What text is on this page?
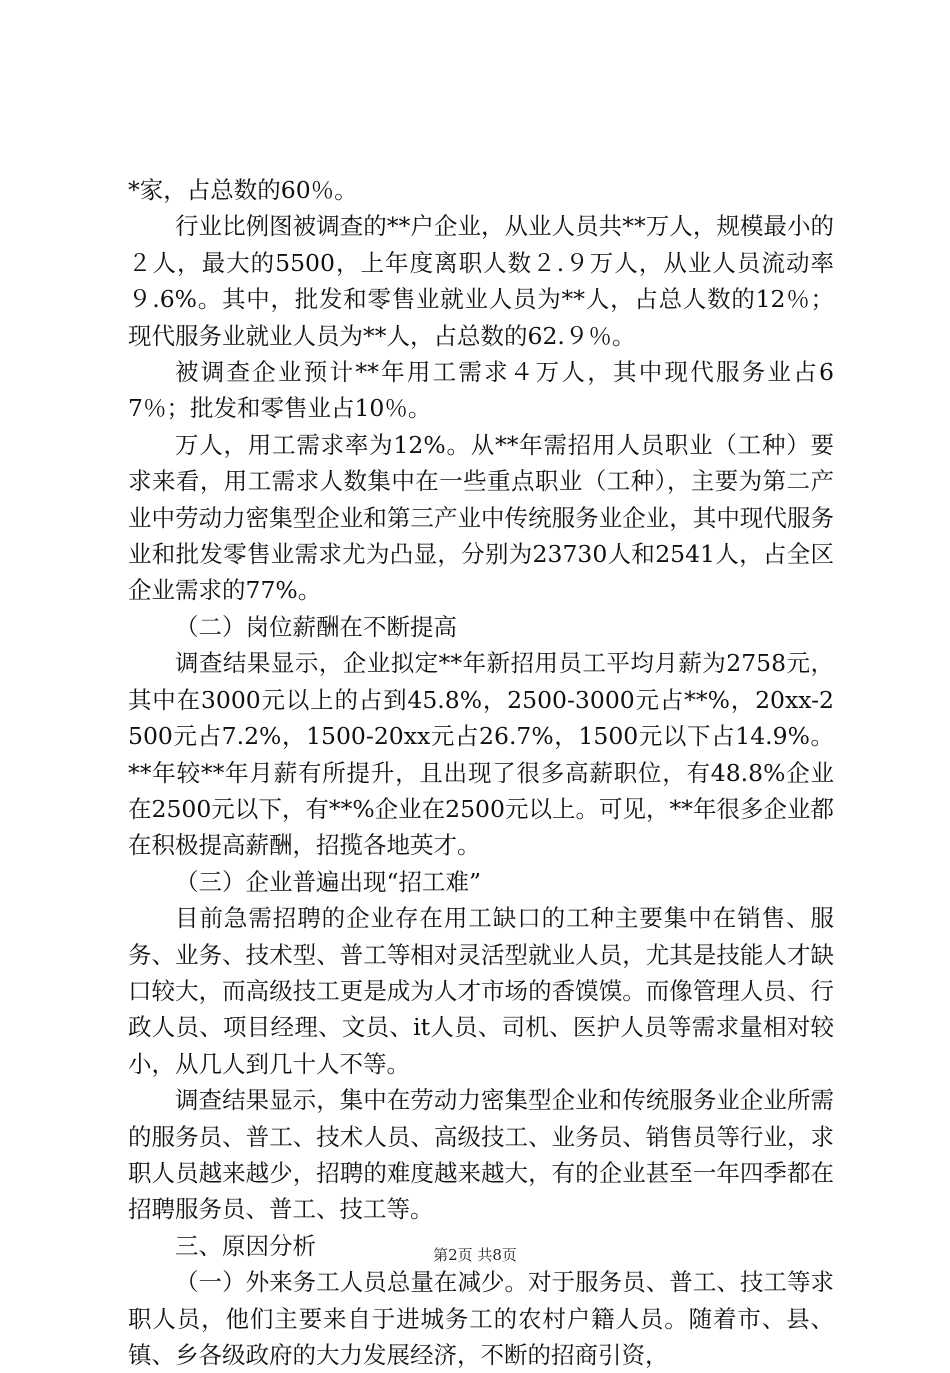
*家，占总数的60％。

行业比例图被调查的**户企业，从业人员共**万人，规模最小的２人，最大的5500，上年度离职人数２.９万人，从业人员流动率９.6%。其中，批发和零售业就业人员为**人，占总人数的12％；现代服务业就业人员为**人，占总数的62.９％。

被调查企业预计**年用工需求４万人，其中现代服务业占67％；批发和零售业占10％。

万人，用工需求率为12%。从**年需招用人员职业（工种）要求来看，用工需求人数集中在一些重点职业（工种），主要为第二产业中劳动力密集型企业和第三产业中传统服务业企业，其中现代服务业和批发零售业需求尤为凸显，分别为23730人和2541人，占全区企业需求的77%。

（二）岗位薪酬在不断提高

调查结果显示，企业拟定**年新招用员工平均月薪为2758元，其中在3000元以上的占到45.8%，2500-3000元占**%，20xx-2500元占7.2%，1500-20xx元占26.7%，1500元以下占14.9%。**年较**年月薪有所提升，且出现了很多高薪职位，有48.8%企业在2500元以下，有**%企业在2500元以上。可见，**年很多企业都在积极提高薪酬，招揽各地英才。

（三）企业普遍出现“招工难”

目前急需招聘的企业存在用工缺口的工种主要集中在销售、服务、业务、技术型、普工等相对灵活型就业人员，尤其是技能人才缺口较大，而高级技工更是成为人才市场的香馍馍。而像管理人员、行政人员、项目经理、文员、it人员、司机、医护人员等需求量相对较小，从几人到几十人不等。

调查结果显示，集中在劳动力密集型企业和传统服务业企业所需的服务员、普工、技术人员、高级技工、业务员、销售员等行业，求职人员越来越少，招聘的难度越来越大，有的企业甚至一年四季都在招聘服务员、普工、技工等。

三、原因分析

（一）外来务工人员总量在减少。对于服务员、普工、技工等求职人员，他们主要来自于进城务工的农村户籍人员。随着市、县、镇、乡各级政府的大力发展经济，不断的招商引资，

第2页 共8页
